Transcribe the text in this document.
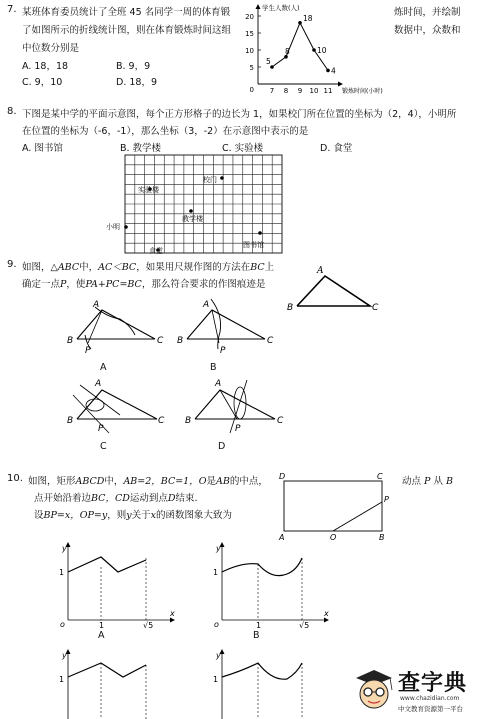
7. 某班体育委员统计了全班 45 名同学一周的体育锻	炼时间，并绘制
了如图所示的折线统计图，则在体育锻炼时间这组	数据中，众数和
中位数分别是
A. 18，18	B. 9，9
C. 9，10	D. 18，9
5
10
15
20
0 7 8 9 10 11
学生人数(人)
锻炼时间(小时)
5
8
18
10
4
8. 下图是某中学的平面示意图，每个正方形格子的边长为 1，如果校门所在位置的坐标为（2，4），小明所
在位置的坐标为（-6，-1），那么坐标（3，-2）在示意图中表示的是
A. 图书馆	B. 教学楼	C. 实验楼	D. 食堂
实验楼
校门
教学楼
图书馆
小明
食堂
9. 如图，△ABC中，AC＜BC，如果用尺规作图的方法在BC上
确定一点P，使PA+PC=BC，那么符合要求的作图痕迹是
A
B	C
A
B
P
C
A
A
B
P
C
B
A
B
P
C
C
A
B
P
C
D
10. 如图，矩形ABCD中，AB=2，BC=1，O是AB的中点，	动点 P 从 B
点开始沿着边BC，CD运动到点D结束.
设BP=x，OP=y，则y关于x的函数图象大致为
D	C
P
A	O	B
y
x
o	1	√5
1
A
y
x
o	1	√5
1
B
y
1
y
1	查字典
www.chazidian.com
中文教育资源第一平台
